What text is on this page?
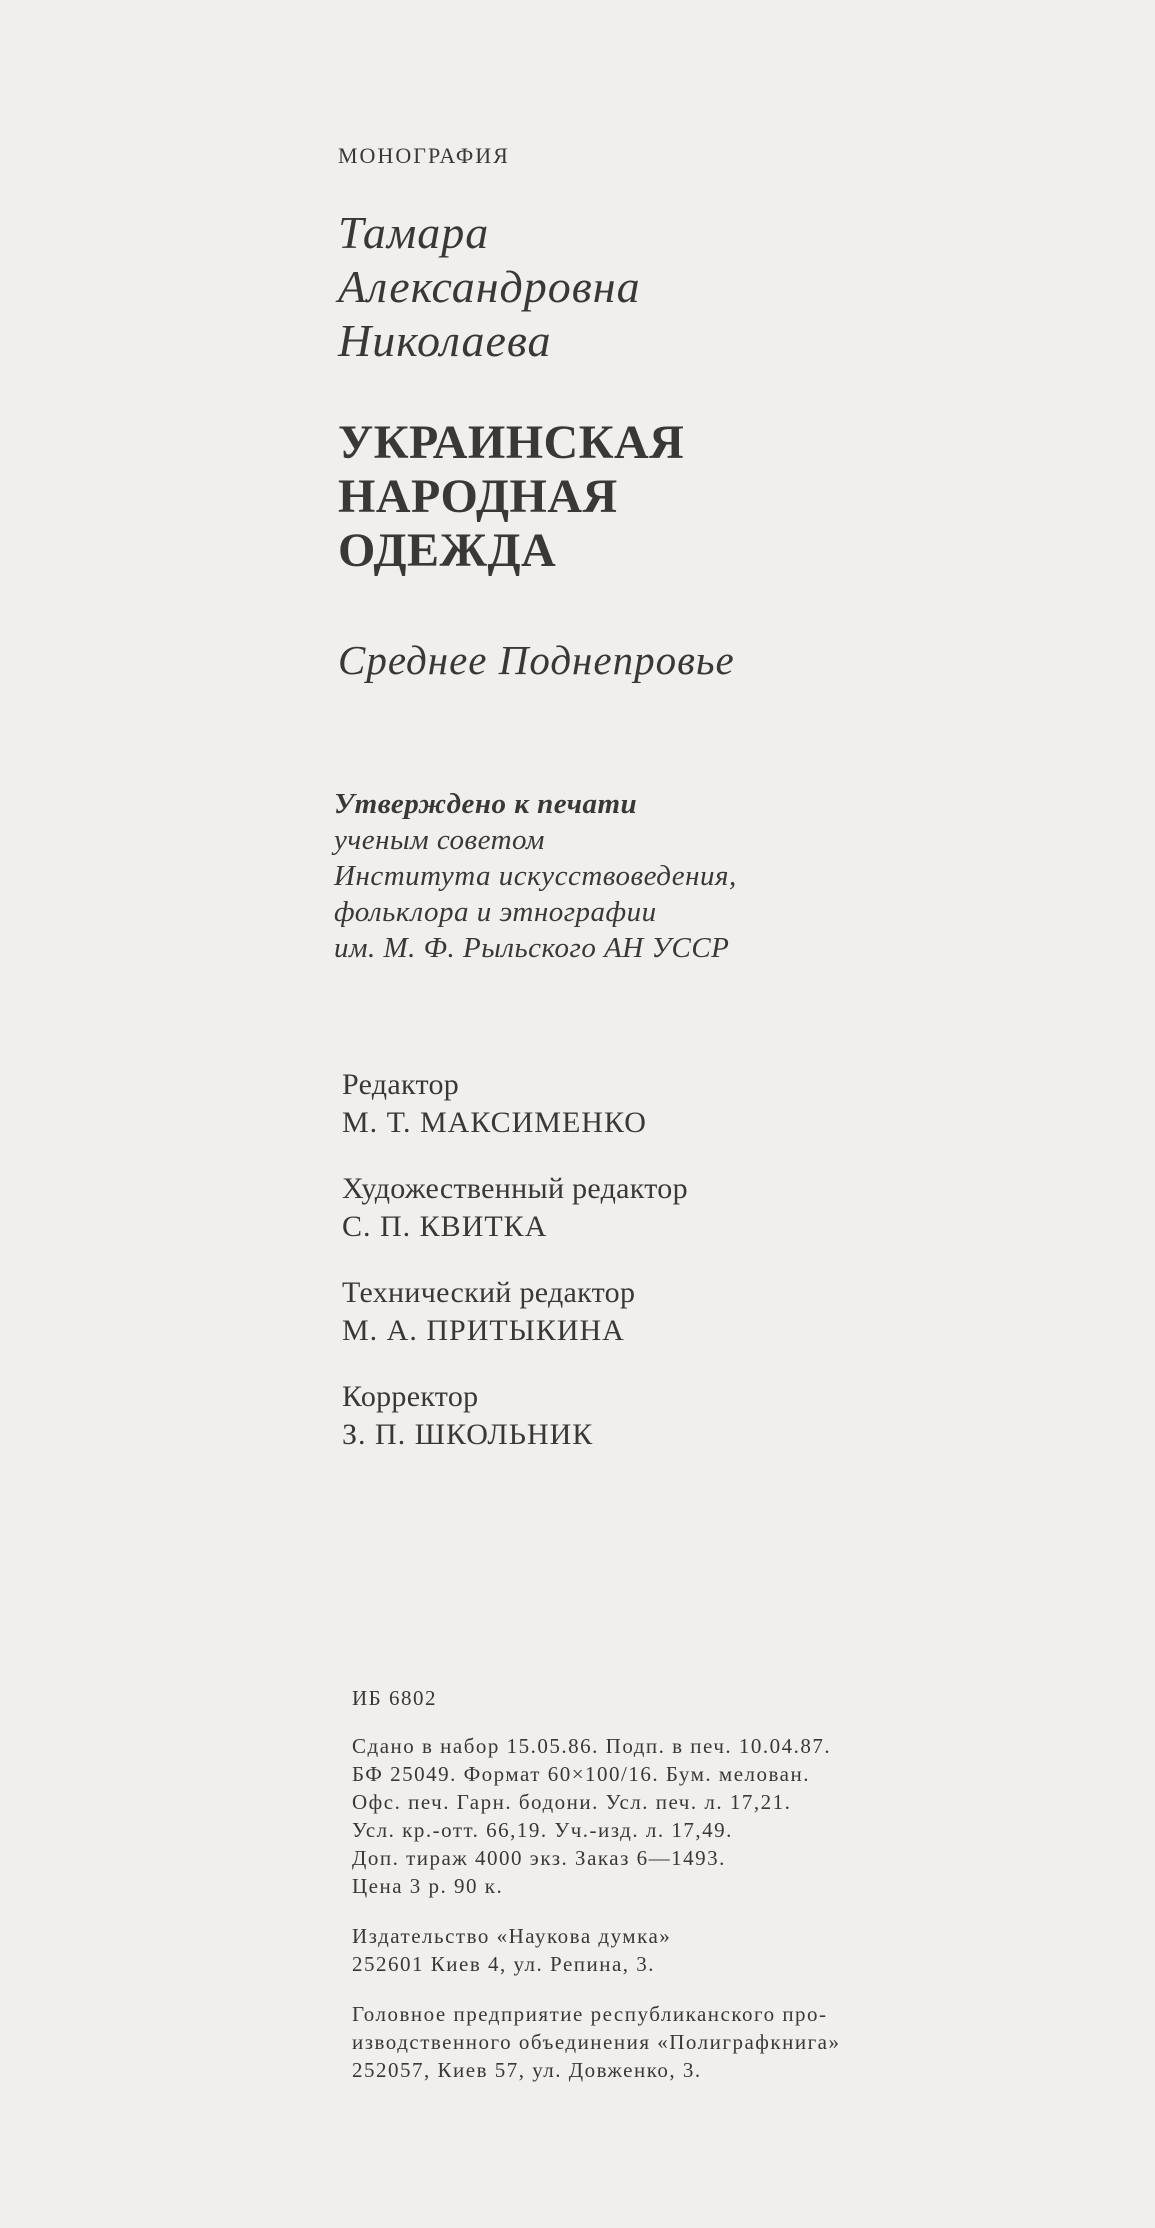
МОНОГРАФИЯ

Тамара
Александровна
Николаева
УКРАИНСКАЯ
НАРОДНАЯ
ОДЕЖДА

Среднее Поднепровье

Утверждено к печати
ученым советом
Института искусствоведения,
фольклора и этнографии
им. М. Ф. Рыльского АН УССР
Редактор
М. Т. МАКСИМЕНКО
Художественный редактор
С. П. КВИТКА
Технический редактор
М. А. ПРИТЫКИНА
Корректор
З. П. ШКОЛЬНИК
ИБ 6802
Сдано в набор 15.05.86. Подп. в печ. 10.04.87.
БФ 25049. Формат 60×100/16. Бум. мелован.
Офс. печ. Гарн. бодони. Усл. печ. л. 17,21.
Усл. кр.-отт. 66,19. Уч.-изд. л. 17,49.
Доп. тираж 4000 экз. Заказ 6—1493.
Цена 3 р. 90 к.
Издательство «Наукова думка»
252601 Киев 4, ул. Репина, 3.
Головное предприятие республиканского про-
изводственного объединения «Полиграфкнига»
252057, Киев 57, ул. Довженко, 3.
